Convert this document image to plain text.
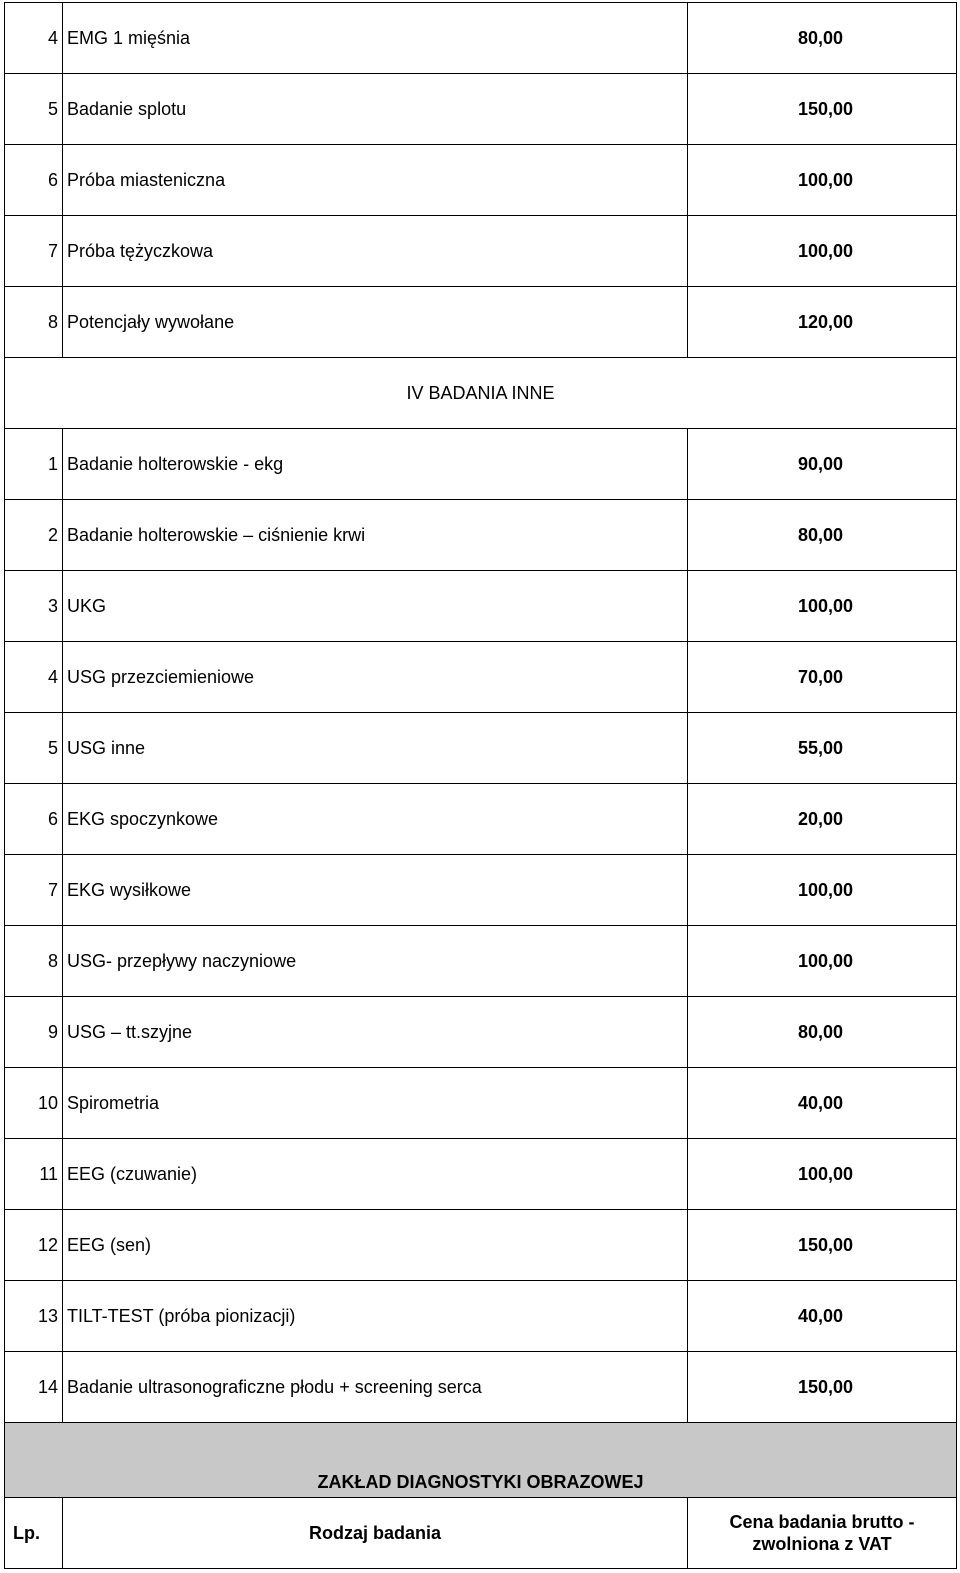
4	EMG 1 mięśnia	80,00
5	Badanie splotu	150,00
6	Próba miasteniczna	100,00
7	Próba tężyczkowa	100,00
8	Potencjały wywołane	120,00
IV BADANIA INNE		
1	Badanie holterowskie - ekg	90,00
2	Badanie holterowskie – ciśnienie krwi	80,00
3	UKG	100,00
4	USG przezciemieniowe	70,00
5	USG inne	55,00
6	EKG spoczynkowe	20,00
7	EKG wysiłkowe	100,00
8	USG- przepływy naczyniowe	100,00
9	USG – tt.szyjne	80,00
10	Spirometria	40,00
11	EEG (czuwanie)	100,00
12	EEG (sen)	150,00
13	TILT-TEST (próba pionizacji)	40,00
14	Badanie ultrasonograficzne płodu + screening serca	150,00
ZAKŁAD DIAGNOSTYKI OBRAZOWEJ		
Lp.	Rodzaj badania	Cena badania brutto -
zwolniona z VAT
